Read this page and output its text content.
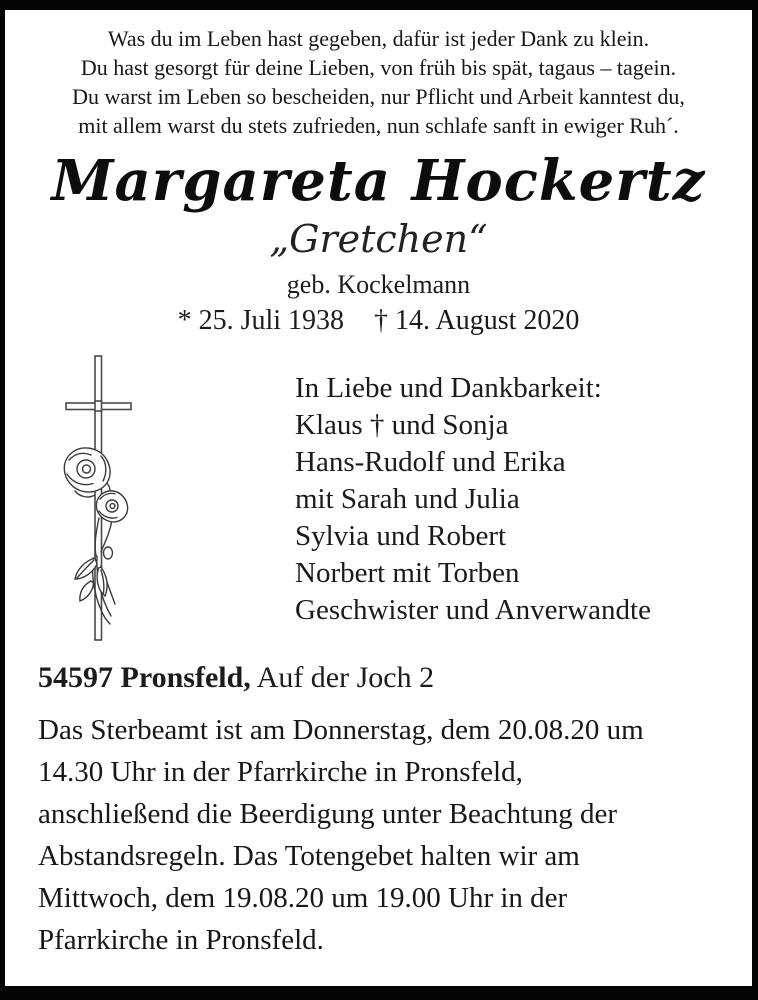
Was du im Leben hast gegeben, dafür ist jeder Dank zu klein.
Du hast gesorgt für deine Lieben, von früh bis spät, tagaus – tagein.
Du warst im Leben so bescheiden, nur Pflicht und Arbeit kanntest du,
mit allem warst du stets zufrieden, nun schlafe sanft in ewiger Ruh´.
Margareta Hockertz
„Gretchen“
geb. Kockelmann
* 25. Juli 1938 † 14. August 2020
In Liebe und Dankbarkeit:
Klaus † und Sonja
Hans-Rudolf und Erika
mit Sarah und Julia
Sylvia und Robert
Norbert mit Torben
Geschwister und Anverwandte
54597 Pronsfeld, Auf der Joch 2
Das Sterbeamt ist am Donnerstag, dem 20.08.20 um
14.30 Uhr in der Pfarrkirche in Pronsfeld,
anschließend die Beerdigung unter Beachtung der
Abstandsregeln. Das Totengebet halten wir am
Mittwoch, dem 19.08.20 um 19.00 Uhr in der
Pfarrkirche in Pronsfeld.
